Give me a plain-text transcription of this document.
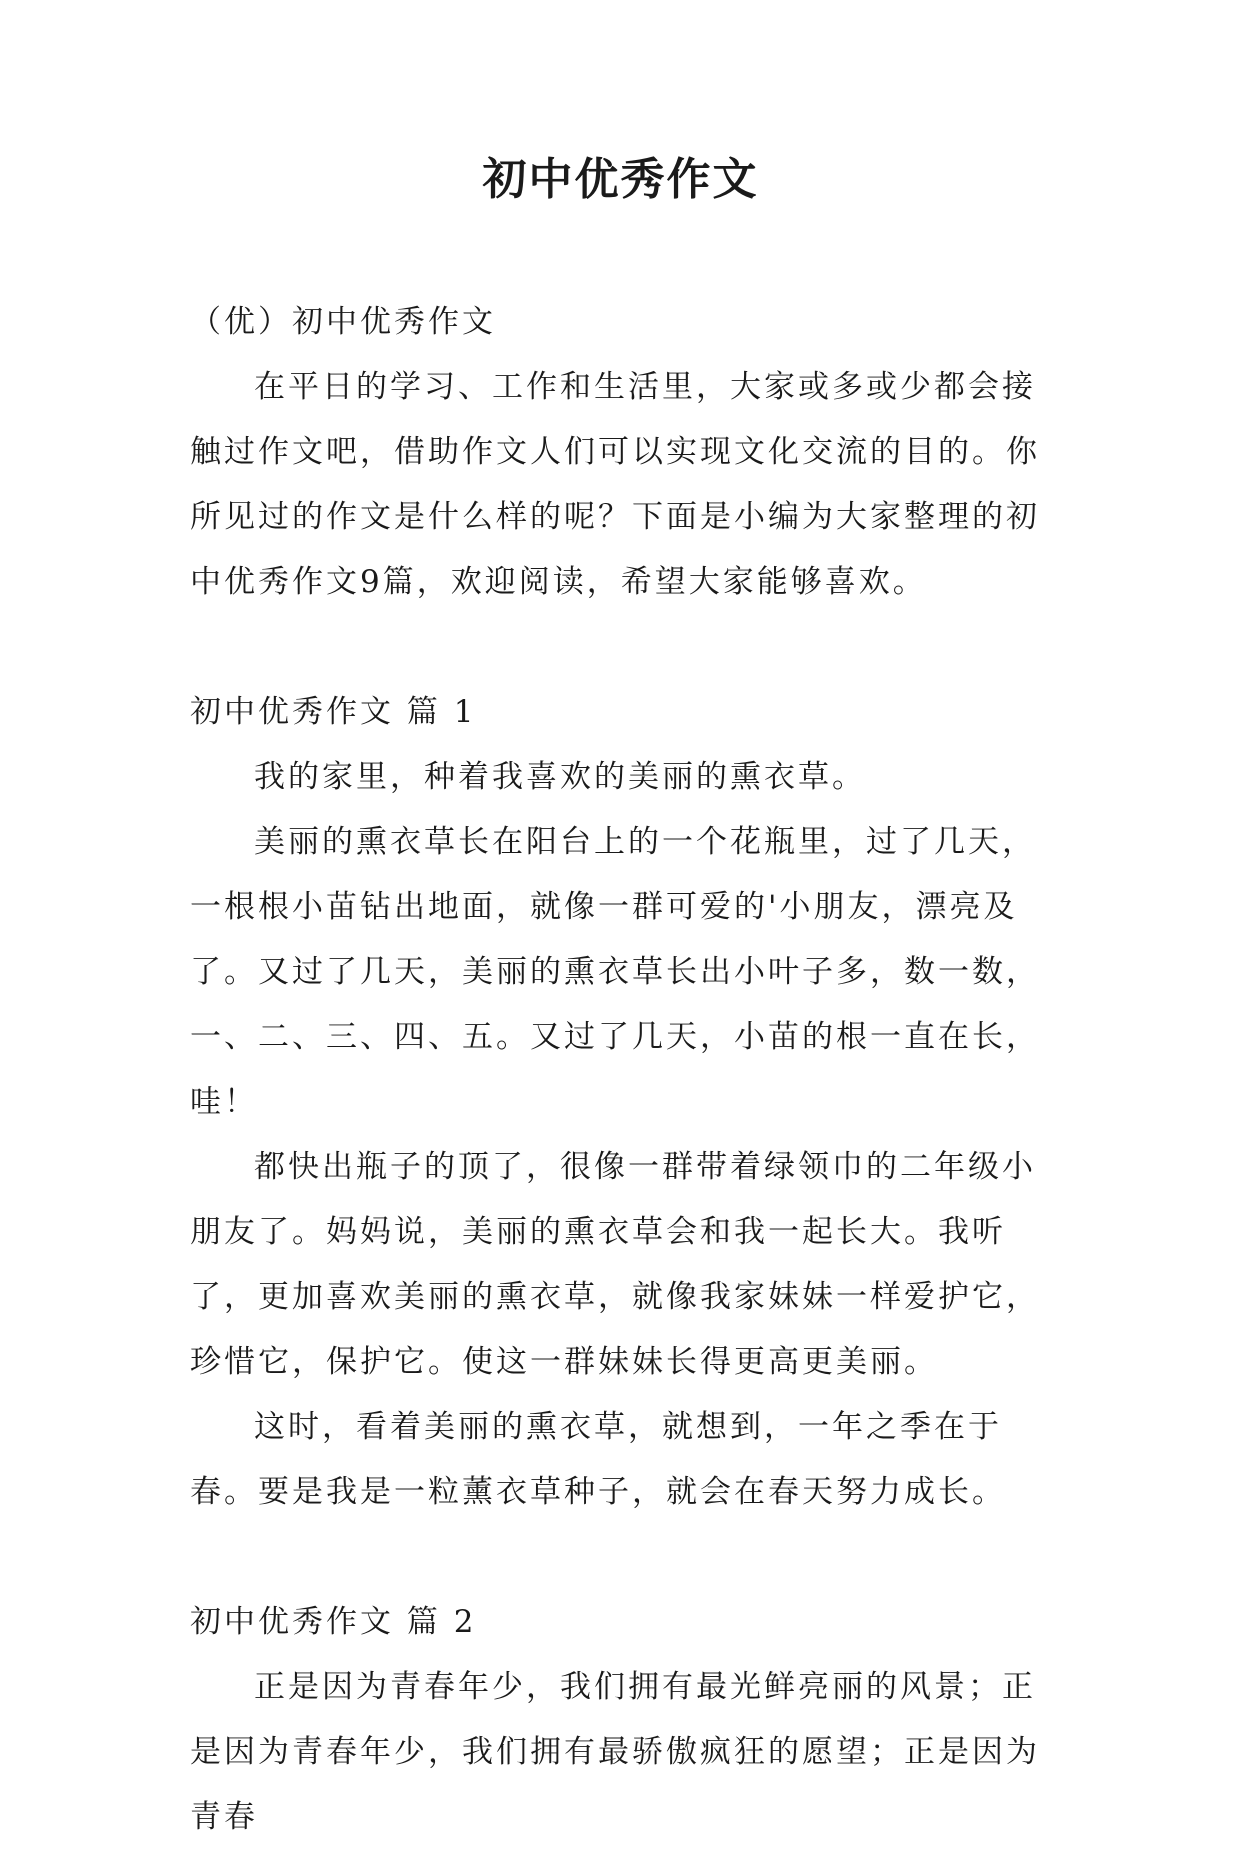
初中优秀作文

（优）初中优秀作文

在平日的学习、工作和生活里，大家或多或少都会接触过作文吧，借助作文人们可以实现文化交流的目的。你所见过的作文是什么样的呢？下面是小编为大家整理的初中优秀作文9篇，欢迎阅读，希望大家能够喜欢。

初中优秀作文 篇 1

我的家里，种着我喜欢的美丽的熏衣草。

美丽的熏衣草长在阳台上的一个花瓶里，过了几天，一根根小苗钻出地面，就像一群可爱的'小朋友，漂亮及了。又过了几天，美丽的熏衣草长出小叶子多，数一数，一、二、三、四、五。又过了几天，小苗的根一直在长，哇！

都快出瓶子的顶了，很像一群带着绿领巾的二年级小朋友了。妈妈说，美丽的熏衣草会和我一起长大。我听了，更加喜欢美丽的熏衣草，就像我家妹妹一样爱护它，珍惜它，保护它。使这一群妹妹长得更高更美丽。

这时，看着美丽的熏衣草，就想到，一年之季在于春。要是我是一粒薰衣草种子，就会在春天努力成长。

初中优秀作文 篇 2

正是因为青春年少，我们拥有最光鲜亮丽的风景；正是因为青春年少，我们拥有最骄傲疯狂的愿望；正是因为青春
